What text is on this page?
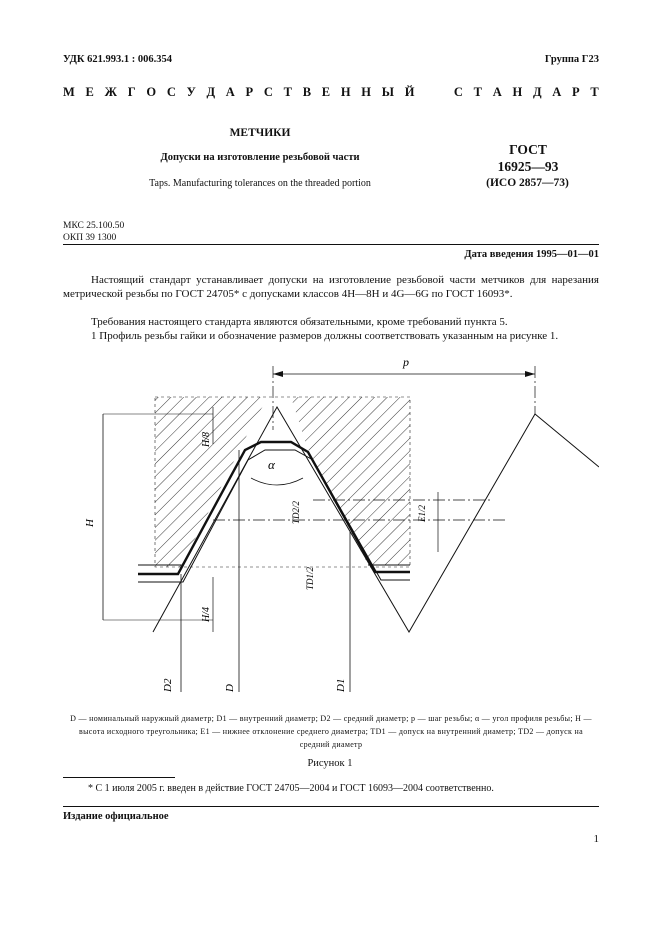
УДК 621.993.1 : 006.354	Группа Г23
М Е Ж Г О С У Д А Р С Т В Е Н Н Ы Й	С Т А Н Д А Р Т
МЕТЧИКИ
Допуски на изготовление резьбовой части
Taps. Manufacturing tolerances on the threaded portion
ГОСТ
16925—93
(ИСО 2857—73)
МКС 25.100.50
ОКП 39 1300
Дата введения 1995—01—01
Настоящий стандарт устанавливает допуски на изготовление резьбовой части метчиков для нарезания метрической резьбы по ГОСТ 24705* с допусками классов 4H—8H и 4G—6G по ГОСТ 16093*.
Требования настоящего стандарта являются обязательными, кроме требований пункта 5.
1 Профиль резьбы гайки и обозначение размеров должны соответствовать указанным на рисунке 1.
p
H
H/8
H/4
α
TD2/2
TD1/2
E1/2
D2	D	D1
D — номинальный наружный диаметр; D1 — внутренний диаметр; D2 — средний диаметр; p — шаг резьбы; α — угол профиля резьбы; H — высота исходного треугольника; E1 — нижнее отклонение среднего диаметра; TD1 — допуск на внутренний диаметр; TD2 — допуск на средний диаметр
Рисунок 1
* С 1 июля 2005 г. введен в действие ГОСТ 24705—2004 и ГОСТ 16093—2004 соответственно.
Издание официальное
1
